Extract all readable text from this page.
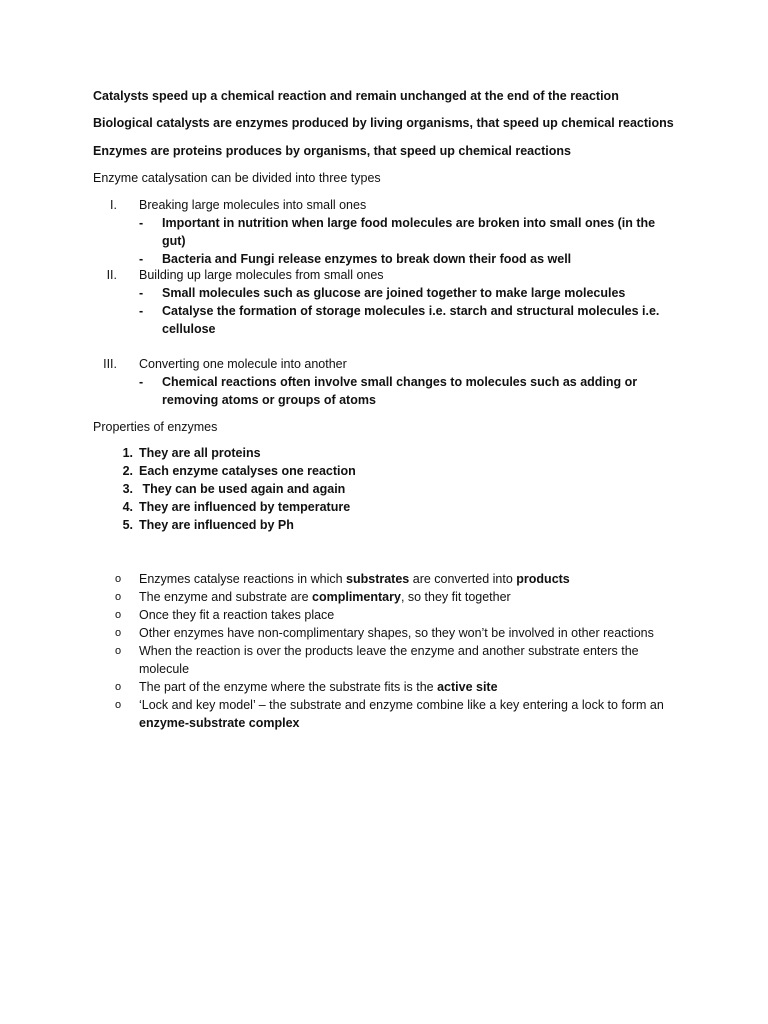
Catalysts speed up a chemical reaction and remain unchanged at the end of the reaction
Biological catalysts are enzymes produced by living organisms, that speed up chemical reactions
Enzymes are proteins produces by organisms, that speed up chemical reactions
Enzyme catalysation can be divided into three types
I. Breaking large molecules into small ones
-	Important in nutrition when large food molecules are broken into small ones (in the gut)
-	Bacteria and Fungi release enzymes to break down their food as well
II. Building up large molecules from small ones
-	Small molecules such as glucose are joined together to make large molecules
-	Catalyse the formation of storage molecules i.e. starch and structural molecules i.e. cellulose
III. Converting one molecule into another
-	Chemical reactions often involve small changes to molecules such as adding or removing atoms or groups of atoms
Properties of enzymes
1. They are all proteins
2. Each enzyme catalyses one reaction
3. They can be used again and again
4. They are influenced by temperature
5. They are influenced by Ph
o Enzymes catalyse reactions in which substrates are converted into products
o The enzyme and substrate are complimentary, so they fit together
o Once they fit a reaction takes place
o Other enzymes have non-complimentary shapes, so they won’t be involved in other reactions
o When the reaction is over the products leave the enzyme and another substrate enters the molecule
o The part of the enzyme where the substrate fits is the active site
o ‘Lock and key model’ – the substrate and enzyme combine like a key entering a lock to form an enzyme-substrate complex
